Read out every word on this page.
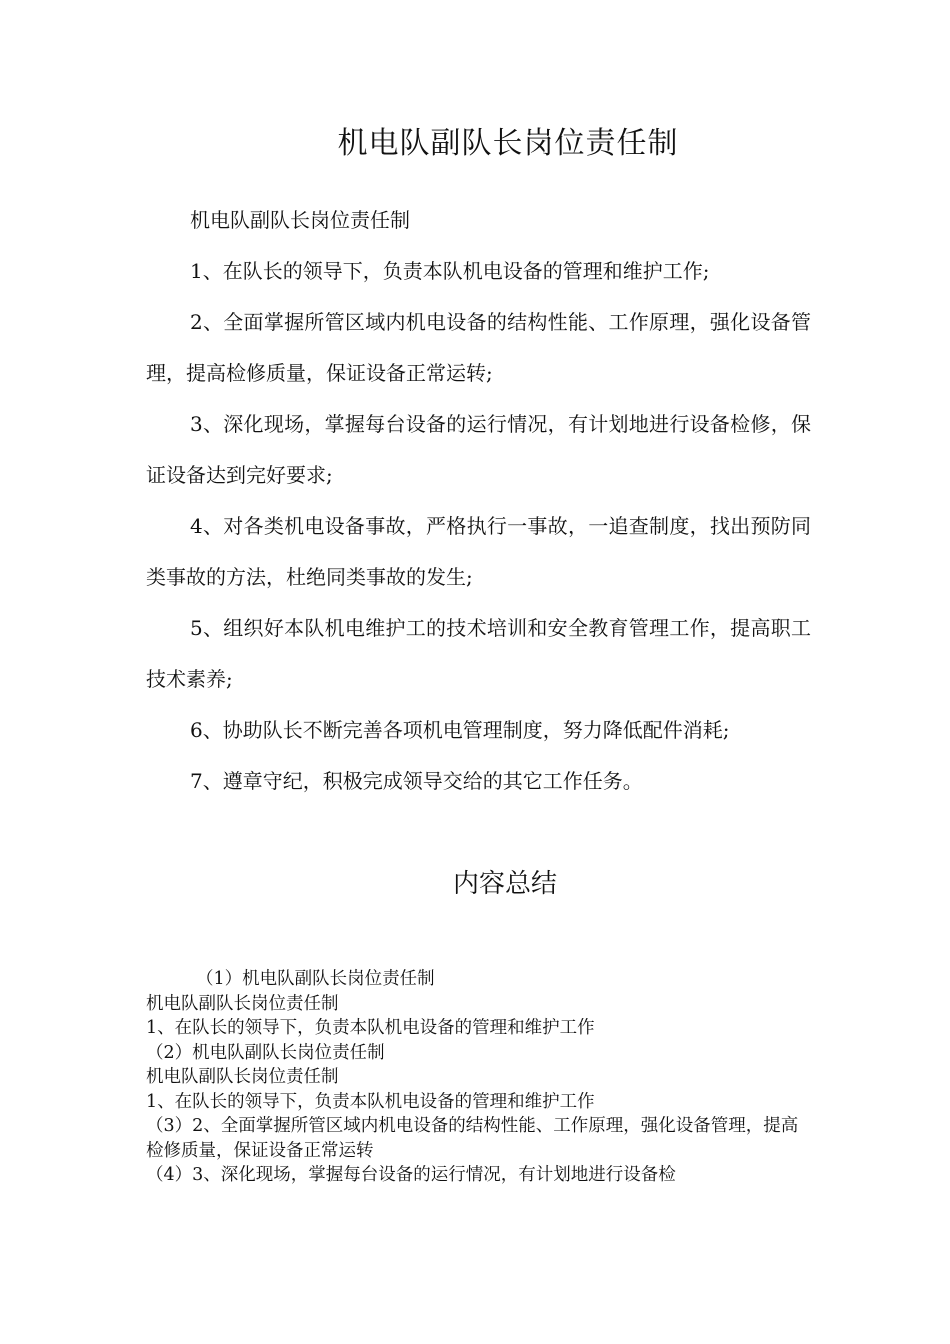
机电队副队长岗位责任制

机电队副队长岗位责任制

1、在队长的领导下，负责本队机电设备的管理和维护工作;

2、全面掌握所管区域内机电设备的结构性能、工作原理，强化设备管理，提高检修质量，保证设备正常运转;

3、深化现场，掌握每台设备的运行情况，有计划地进行设备检修，保证设备达到完好要求;

4、对各类机电设备事故，严格执行一事故，一追查制度，找出预防同类事故的方法，杜绝同类事故的发生;

5、组织好本队机电维护工的技术培训和安全教育管理工作，提高职工技术素养;

6、协助队长不断完善各项机电管理制度，努力降低配件消耗;

7、遵章守纪，积极完成领导交给的其它工作任务。

内容总结
（1）机电队副队长岗位责任制
机电队副队长岗位责任制
1、在队长的领导下，负责本队机电设备的管理和维护工作
（2）机电队副队长岗位责任制
机电队副队长岗位责任制
1、在队长的领导下，负责本队机电设备的管理和维护工作
（3）2、全面掌握所管区域内机电设备的结构性能、工作原理，强化设备管理，提高检修质量，保证设备正常运转
（4）3、深化现场，掌握每台设备的运行情况，有计划地进行设备检
